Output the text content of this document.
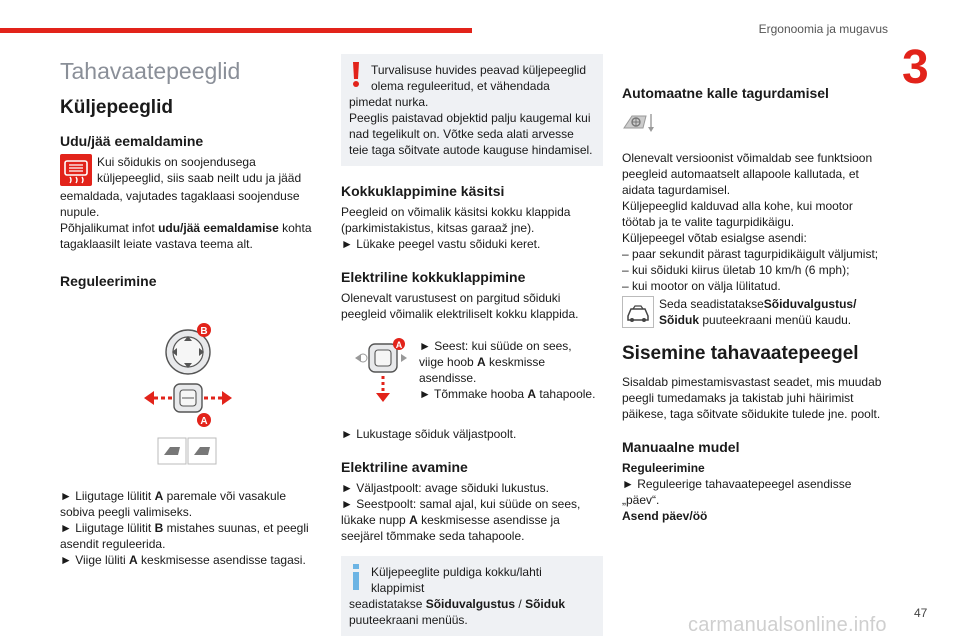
Ergonoomia ja mugavus
3
Tahavaatepeeglid
Küljepeeglid
Udu/jää eemaldamine

Kui sõidukis on soojendusega

küljepeeglid, siis saab neilt udu ja jääd

eemaldada, vajutades tagaklaasi soojenduse nupule.

Põhjalikumat infot udu/jää eemaldamise kohta tagaklaasilt leiate vastava teema alt.

Reguleerimine
B
A

► Liigutage lülitit A paremale või vasakule sobiva peegli valimiseks.

► Liigutage lülitit B mistahes suunas, et peegli asendit reguleerida.

► Viige lüliti A keskmisesse asendisse tagasi.

Turvalisuse huvides peavad küljepeeglid

olema reguleeritud, et vähendada

pimedat nurka.

Peeglis paistavad objektid palju kaugemal kui nad tegelikult on. Võtke seda alati arvesse teie taga sõitvate autode kauguse hindamisel.

Kokkuklappimine käsitsi

Peegleid on võimalik käsitsi kokku klappida (parkimistakistus, kitsas garaaž jne).

► Lükake peegel vastu sõiduki keret.

Elektriline kokkuklappimine

Olenevalt varustusest on pargitud sõiduki peegleid võimalik elektriliselt kokku klappida.

A ► Seest: kui süüde on sees, viige hoob A keskmisse asendisse.

► Tõmmake hooba A tahapoole.

► Lukustage sõiduk väljastpoolt.

Elektriline avamine

► Väljastpoolt: avage sõiduki lukustus.

► Seestpoolt: samal ajal, kui süüde on sees, lükake nupp A keskmisesse asendisse ja seejärel tõmmake seda tahapoole.

Küljepeeglite puldiga kokku/lahti

klappimist

seadistatakse Sõiduvalgustus / Sõiduk puuteekraani menüüs.

Automaatne kalle tagurdamisel

Olenevalt versioonist võimaldab see funktsioon peegleid automaatselt allapoole kallutada, et aidata tagurdamisel.

Küljepeeglid kalduvad alla kohe, kui mootor töötab ja te valite tagurpidikäigu.

Küljepeegel võtab esialgse asendi:

– paar sekundit pärast tagurpidikäigult väljumist;

– kui sõiduki kiirus ületab 10 km/h (6 mph);

– kui mootor on välja lülitatud.

Seda seadistatakseSõiduvalgustus/

Sõiduk puuteekraani menüü kaudu.

Sisemine tahavaatepeegel

Sisaldab pimestamisvastast seadet, mis muudab peegli tumedamaks ja takistab juhi häirimist päikese, taga sõitvate sõidukite tulede jne. poolt.

Manuaalne mudel

Reguleerimine

► Reguleerige tahavaatepeegel asendisse „päev“.

Asend päev/öö

carmanualsonline.info
47
